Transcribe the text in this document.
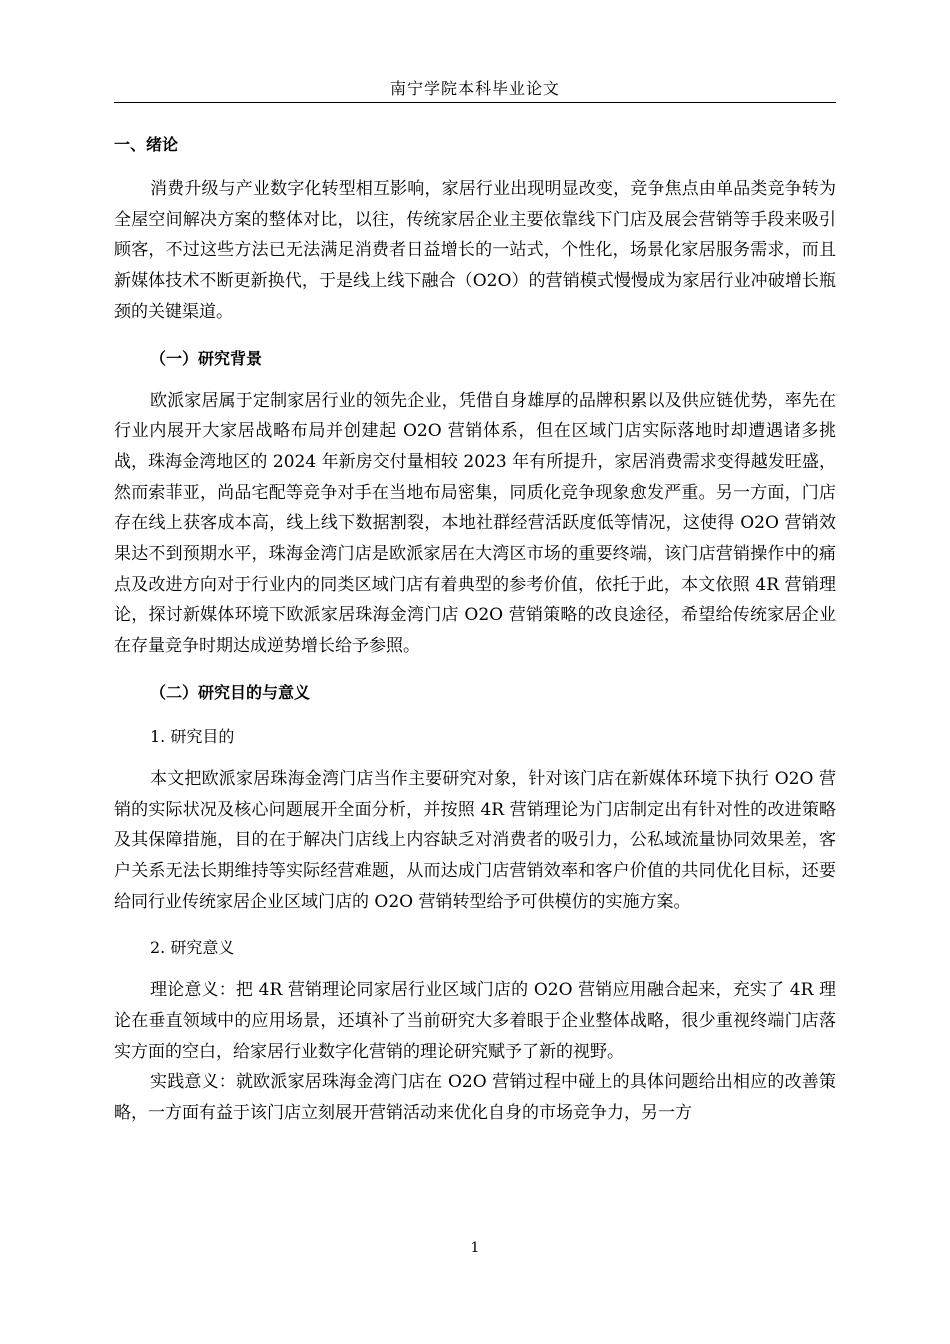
南宁学院本科毕业论文
一、绪论

消费升级与产业数字化转型相互影响，家居行业出现明显改变，竞争焦点由单品类竞争转为全屋空间解决方案的整体对比，以往，传统家居企业主要依靠线下门店及展会营销等手段来吸引顾客，不过这些方法已无法满足消费者日益增长的一站式，个性化，场景化家居服务需求，而且新媒体技术不断更新换代，于是线上线下融合（O2O）的营销模式慢慢成为家居行业冲破增长瓶颈的关键渠道。

（一）研究背景

欧派家居属于定制家居行业的领先企业，凭借自身雄厚的品牌积累以及供应链优势，率先在行业内展开大家居战略布局并创建起 O2O 营销体系，但在区域门店实际落地时却遭遇诸多挑战，珠海金湾地区的 2024 年新房交付量相较 2023 年有所提升，家居消费需求变得越发旺盛，然而索菲亚，尚品宅配等竞争对手在当地布局密集，同质化竞争现象愈发严重。另一方面，门店存在线上获客成本高，线上线下数据割裂，本地社群经营活跃度低等情况，这使得 O2O 营销效果达不到预期水平，珠海金湾门店是欧派家居在大湾区市场的重要终端，该门店营销操作中的痛点及改进方向对于行业内的同类区域门店有着典型的参考价值，依托于此，本文依照 4R 营销理论，探讨新媒体环境下欧派家居珠海金湾门店 O2O 营销策略的改良途径，希望给传统家居企业在存量竞争时期达成逆势增长给予参照。

（二）研究目的与意义
1. 研究目的

本文把欧派家居珠海金湾门店当作主要研究对象，针对该门店在新媒体环境下执行 O2O 营销的实际状况及核心问题展开全面分析，并按照 4R 营销理论为门店制定出有针对性的改进策略及其保障措施，目的在于解决门店线上内容缺乏对消费者的吸引力，公私域流量协同效果差，客户关系无法长期维持等实际经营难题，从而达成门店营销效率和客户价值的共同优化目标，还要给同行业传统家居企业区域门店的 O2O 营销转型给予可供模仿的实施方案。

2. 研究意义

理论意义：把 4R 营销理论同家居行业区域门店的 O2O 营销应用融合起来，充实了 4R 理论在垂直领域中的应用场景，还填补了当前研究大多着眼于企业整体战略，很少重视终端门店落实方面的空白，给家居行业数字化营销的理论研究赋予了新的视野。

实践意义：就欧派家居珠海金湾门店在 O2O 营销过程中碰上的具体问题给出相应的改善策略，一方面有益于该门店立刻展开营销活动来优化自身的市场竞争力，另一方

1
